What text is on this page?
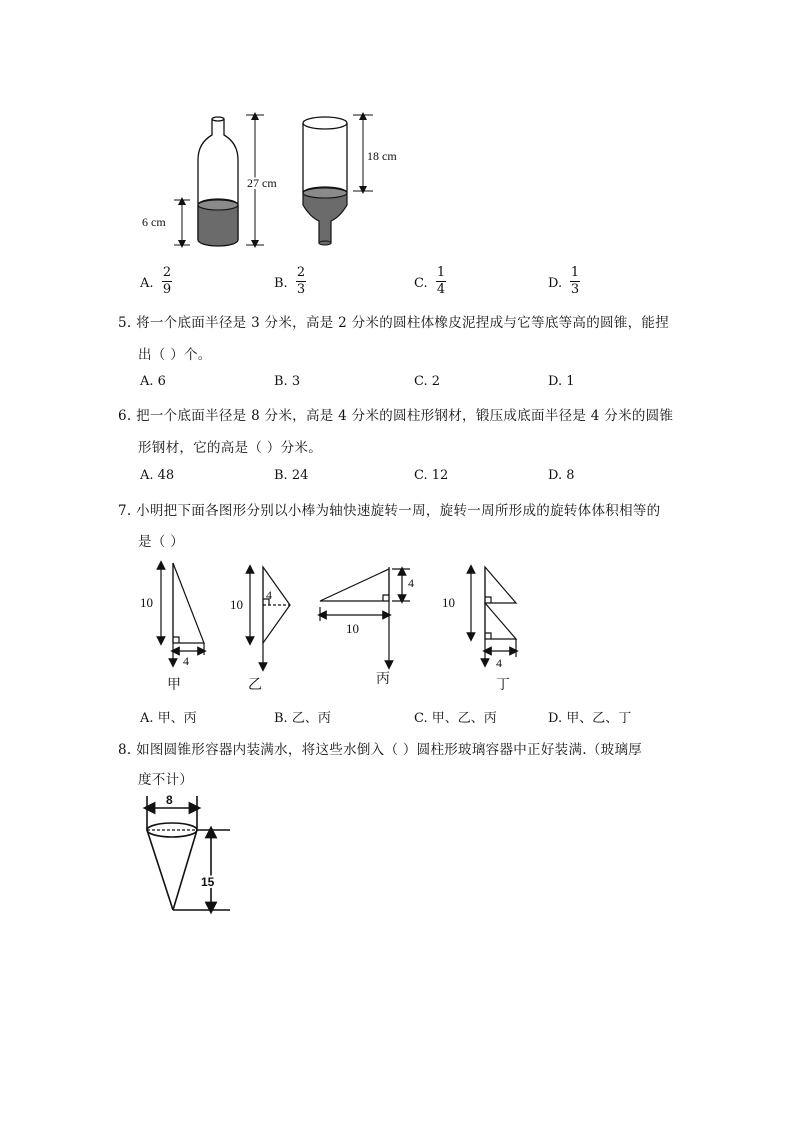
6 cm
27 cm
18 cm
A.
2
9	B.
2
3	C.
1
4	D.
1
3
5. 将一个底面半径是 3 分米，高是 2 分米的圆柱体橡皮泥捏成与它等底等高的圆锥，能捏
出（ ）个。
A. 6	B. 3	C. 2	D. 1
6. 把一个底面半径是 8 分米，高是 4 分米的圆柱形钢材，锻压成底面半径是 4 分米的圆锥
形钢材，它的高是（ ）分米。
A. 48	B. 24	C. 12	D. 8
7. 小明把下面各图形分别以小棒为轴快速旋转一周，旋转一周所形成的旋转体体积相等的
是（ ）
10
4
甲
10
4
乙
4
10
丙
10
4
丁
A. 甲、丙	B. 乙、丙	C. 甲、乙、丙	D. 甲、乙、丁
8. 如图圆锥形容器内装满水，将这些水倒入（ ）圆柱形玻璃容器中正好装满.（玻璃厚
度不计）
8
15
